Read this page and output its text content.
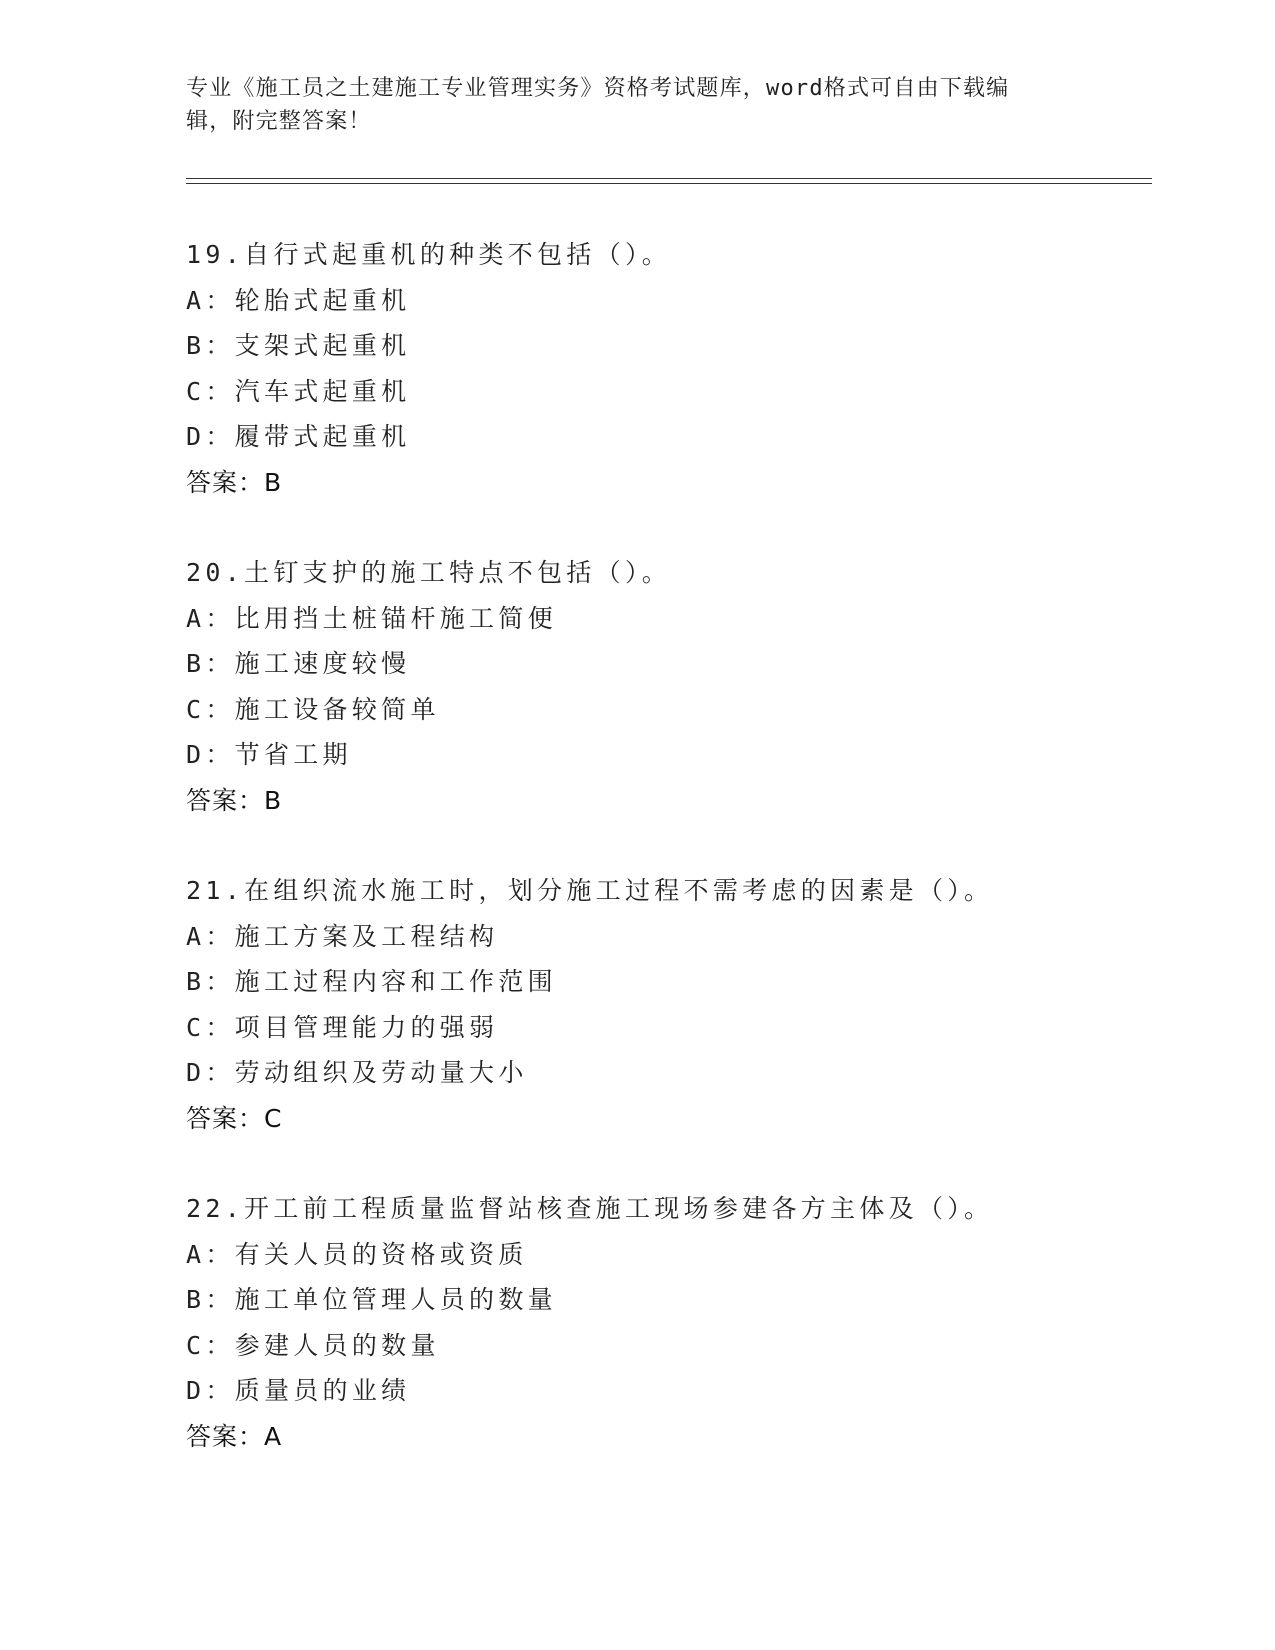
专业《施工员之土建施工专业管理实务》资格考试题库，word格式可自由下载编
辑，附完整答案！
19.自行式起重机的种类不包括（）。
A：轮胎式起重机
B：支架式起重机
C：汽车式起重机
D：履带式起重机
答案：B
20.土钉支护的施工特点不包括（）。
A：比用挡土桩锚杆施工简便
B：施工速度较慢
C：施工设备较简单
D：节省工期
答案：B
21.在组织流水施工时，划分施工过程不需考虑的因素是（）。
A：施工方案及工程结构
B：施工过程内容和工作范围
C：项目管理能力的强弱
D：劳动组织及劳动量大小
答案：C
22.开工前工程质量监督站核查施工现场参建各方主体及（）。
A：有关人员的资格或资质
B：施工单位管理人员的数量
C：参建人员的数量
D：质量员的业绩
答案：A
